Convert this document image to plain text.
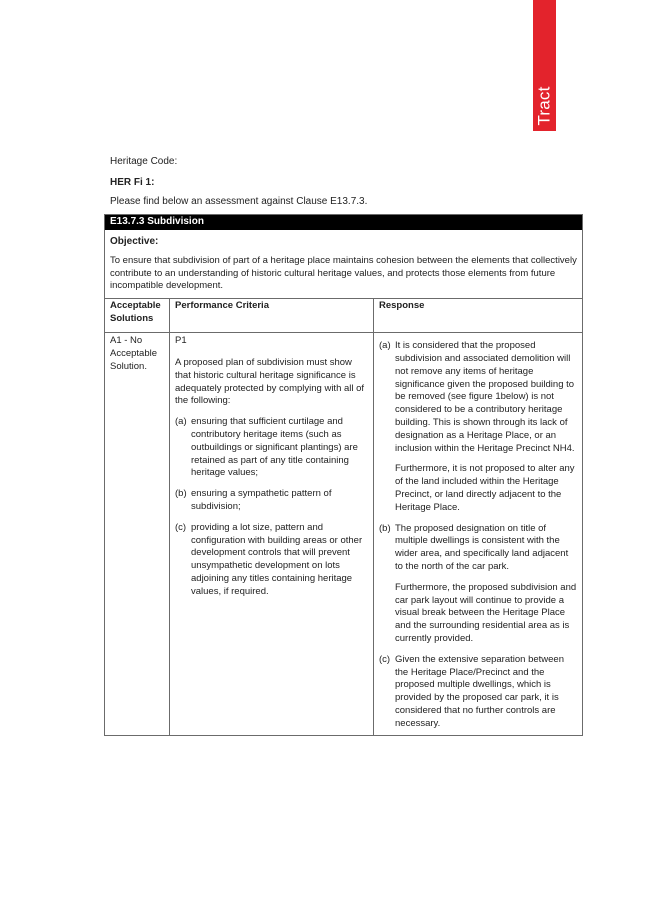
Tract
Heritage Code:
HER Fi 1:
Please find below an assessment against Clause E13.7.3.
E13.7.3 Subdivision
Objective:

To ensure that subdivision of part of a heritage place maintains cohesion between the elements that collectively contribute to an understanding of historic cultural heritage values, and protects those elements from future incompatible development.

Acceptable Solutions
Performance Criteria	Response

A1 - No Acceptable Solution.

P1

A proposed plan of subdivision must show that historic cultural heritage significance is adequately protected by complying with all of the following:

(a) ensuring that sufficient curtilage and contributory heritage items (such as outbuildings or significant plantings) are retained as part of any title containing heritage values;
(b) ensuring a sympathetic pattern of subdivision;
(c) providing a lot size, pattern and configuration with building areas or other development controls that will prevent unsympathetic development on lots adjoining any titles containing heritage values, if required.
(a) It is considered that the proposed subdivision and associated demolition will not remove any items of heritage significance given the proposed building to be removed (see figure 1below) is not considered to be a contributory heritage building. This is shown through its lack of designation as a Heritage Place, or an inclusion within the Heritage Precinct NH4.

Furthermore, it is not proposed to alter any of the land included within the Heritage Precinct, or land directly adjacent to the Heritage Place.

(b) The proposed designation on title of multiple dwellings is consistent with the wider area, and specifically land adjacent to the north of the car park.

Furthermore, the proposed subdivision and car park layout will continue to provide a visual break between the Heritage Place and the surrounding residential area as is currently provided.

(c) Given the extensive separation between the Heritage Place/Precinct and the proposed multiple dwellings, which is provided by the proposed car park, it is considered that no further controls are necessary.
